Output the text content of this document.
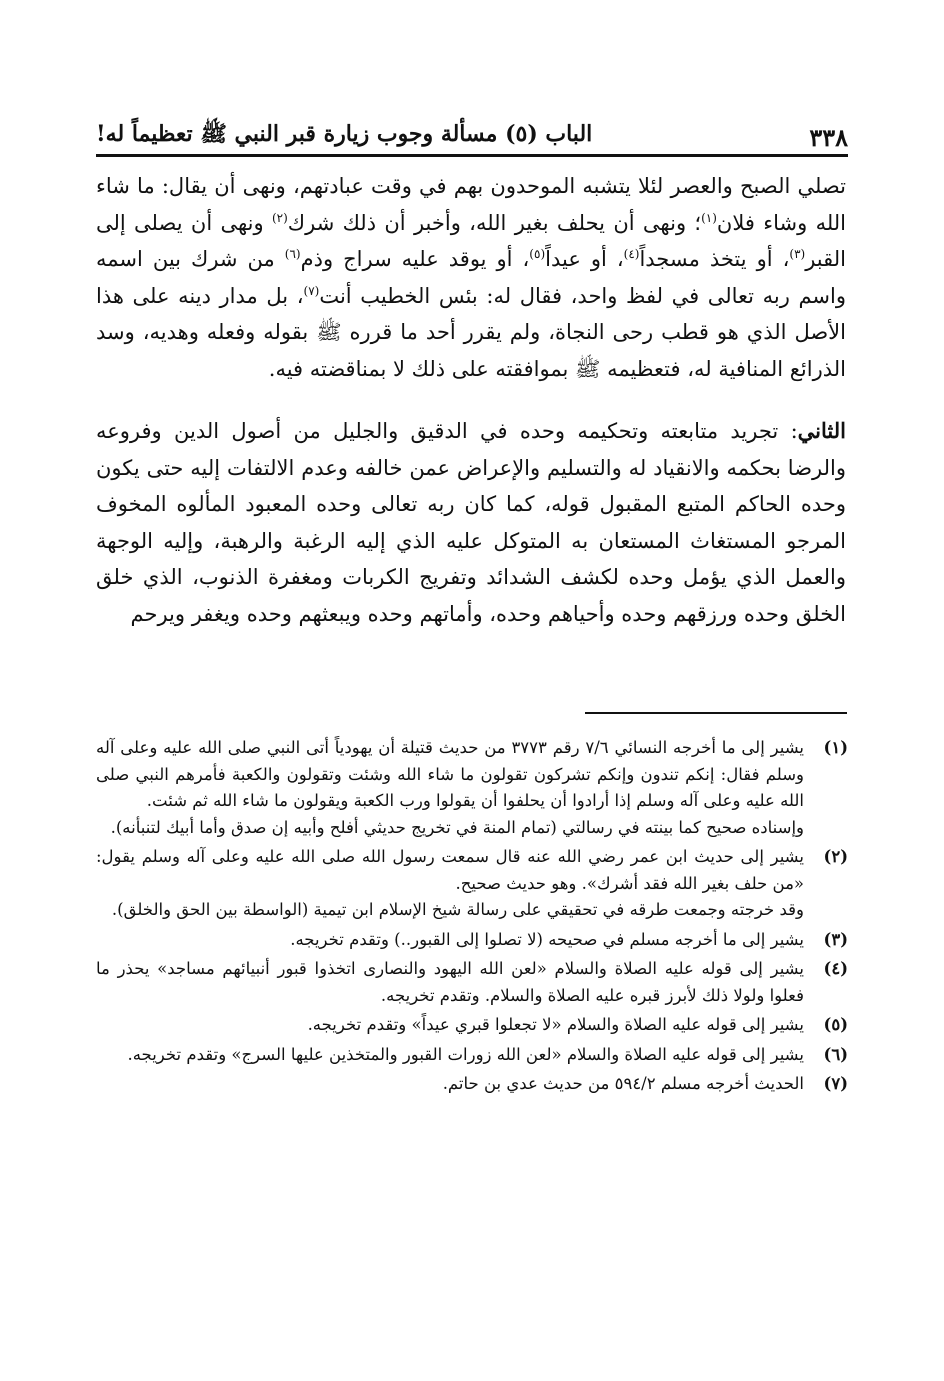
٣٣٨
الباب (٥) مسألة وجوب زيارة قبر النبي ﷺ تعظيماً له!

تصلي الصبح والعصر لئلا يتشبه الموحدون بهم في وقت عبادتهم، ونهى أن يقال: ما شاء الله وشاء فلان$^{(١)}$؛ ونهى أن يحلف بغير الله، وأخبر أن ذلك شرك$^{(٢)}$ ونهى أن يصلى إلى القبر$^{(٣)}$، أو يتخذ مسجداً$^{(٤)}$، أو عيداً$^{(٥)}$، أو يوقد عليه سراج وذم$^{(٦)}$ من شرك بين اسمه واسم ربه تعالى في لفظ واحد، فقال له: بئس الخطيب أنت$^{(٧)}$، بل مدار دينه على هذا الأصل الذي هو قطب رحى النجاة، ولم يقرر أحد ما قرره ﷺ بقوله وفعله وهديه، وسد الذرائع المنافية له، فتعظيمه ﷺ بموافقته على ذلك لا بمناقضته فيه.

الثاني: تجريد متابعته وتحكيمه وحده في الدقيق والجليل من أصول الدين وفروعه والرضا بحكمه والانقياد له والتسليم والإعراض عمن خالفه وعدم الالتفات إليه حتى يكون وحده الحاكم المتبع المقبول قوله، كما كان ربه تعالى وحده المعبود المألوه المخوف المرجو المستغاث المستعان به المتوكل عليه الذي إليه الرغبة والرهبة، وإليه الوجهة والعمل الذي يؤمل وحده لكشف الشدائد وتفريج الكربات ومغفرة الذنوب، الذي خلق الخلق وحده ورزقهم وحده وأحياهم وحده، وأماتهم وحده ويبعثهم وحده ويغفر ويرحم

(١)
يشير إلى ما أخرجه النسائي ٧/٦ رقم ٣٧٧٣ من حديث قتيلة أن يهودياً أتى النبي صلى الله عليه وعلى آله وسلم فقال: إنكم تندون وإنكم تشركون تقولون ما شاء الله وشئت وتقولون والكعبة فأمرهم النبي صلى الله عليه وعلى آله وسلم إذا أرادوا أن يحلفوا أن يقولوا ورب الكعبة ويقولون ما شاء الله ثم شئت.
وإسناده صحيح كما بينته في رسالتي (تمام المنة في تخريج حديثي أفلح وأبيه إن صدق وأما أبيك لتنبأنه).
(٢)
يشير إلى حديث ابن عمر رضي الله عنه قال سمعت رسول الله صلى الله عليه وعلى آله وسلم يقول: «من حلف بغير الله فقد أشرك». وهو حديث صحيح.
وقد خرجته وجمعت طرقه في تحقيقي على رسالة شيخ الإسلام ابن تيمية (الواسطة بين الحق والخلق).
(٣)
يشير إلى ما أخرجه مسلم في صحيحه (لا تصلوا إلى القبور..) وتقدم تخريجه.
(٤)
يشير إلى قوله عليه الصلاة والسلام «لعن الله اليهود والنصارى اتخذوا قبور أنبيائهم مساجد» يحذر ما فعلوا ولولا ذلك لأبرز قبره عليه الصلاة والسلام. وتقدم تخريجه.
(٥)
يشير إلى قوله عليه الصلاة والسلام «لا تجعلوا قبري عيداً» وتقدم تخريجه.
(٦)
يشير إلى قوله عليه الصلاة والسلام «لعن الله زورات القبور والمتخذين عليها السرج» وتقدم تخريجه.
(٧)
الحديث أخرجه مسلم ٥٩٤/٢ من حديث عدي بن حاتم.
